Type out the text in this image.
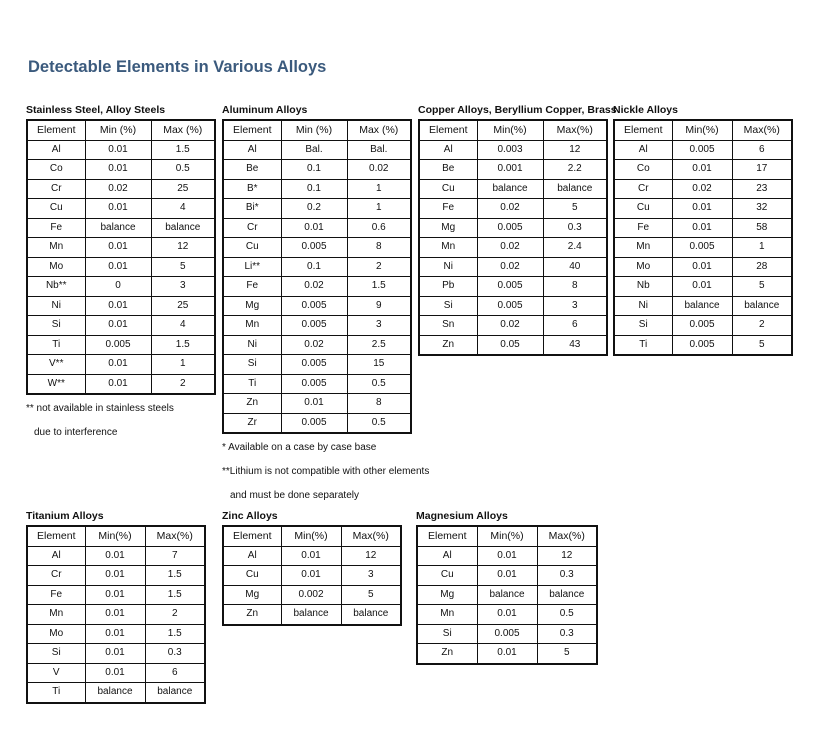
Detectable Elements in Various Alloys
Stainless Steel, Alloy Steels
Element	Min (%)	Max (%)
Al	0.01	1.5
Co	0.01	0.5
Cr	0.02	25
Cu	0.01	4
Fe	balance	balance
Mn	0.01	12
Mo	0.01	5
Nb**	0	3
Ni	0.01	25
Si	0.01	4
Ti	0.005	1.5
V**	0.01	1
W**	0.01	2
** not available in stainless steels
due to interference
Aluminum Alloys
Element	Min (%)	Max (%)
Al	Bal.	Bal.
Be	0.1	0.02
B*	0.1	1
Bi*	0.2	1
Cr	0.01	0.6
Cu	0.005	8
Li**	0.1	2
Fe	0.02	1.5
Mg	0.005	9
Mn	0.005	3
Ni	0.02	2.5
Si	0.005	15
Ti	0.005	0.5
Zn	0.01	8
Zr	0.005	0.5
* Available on a case by case base
**Lithium is not compatible with other elements
and must be done separately
Copper Alloys, Beryllium Copper, Brass
Element	Min(%)	Max(%)
Al	0.003	12
Be	0.001	2.2
Cu	balance	balance
Fe	0.02	5
Mg	0.005	0.3
Mn	0.02	2.4
Ni	0.02	40
Pb	0.005	8
Si	0.005	3
Sn	0.02	6
Zn	0.05	43
Nickle Alloys
Element	Min(%)	Max(%)
Al	0.005	6
Co	0.01	17
Cr	0.02	23
Cu	0.01	32
Fe	0.01	58
Mn	0.005	1
Mo	0.01	28
Nb	0.01	5
Ni	balance	balance
Si	0.005	2
Ti	0.005	5
Titanium Alloys
Element	Min(%)	Max(%)
Al	0.01	7
Cr	0.01	1.5
Fe	0.01	1.5
Mn	0.01	2
Mo	0.01	1.5
Si	0.01	0.3
V	0.01	6
Ti	balance	balance
Zinc Alloys
Element	Min(%)	Max(%)
Al	0.01	12
Cu	0.01	3
Mg	0.002	5
Zn	balance	balance
Magnesium Alloys
Element	Min(%)	Max(%)
Al	0.01	12
Cu	0.01	0.3
Mg	balance	balance
Mn	0.01	0.5
Si	0.005	0.3
Zn	0.01	5
